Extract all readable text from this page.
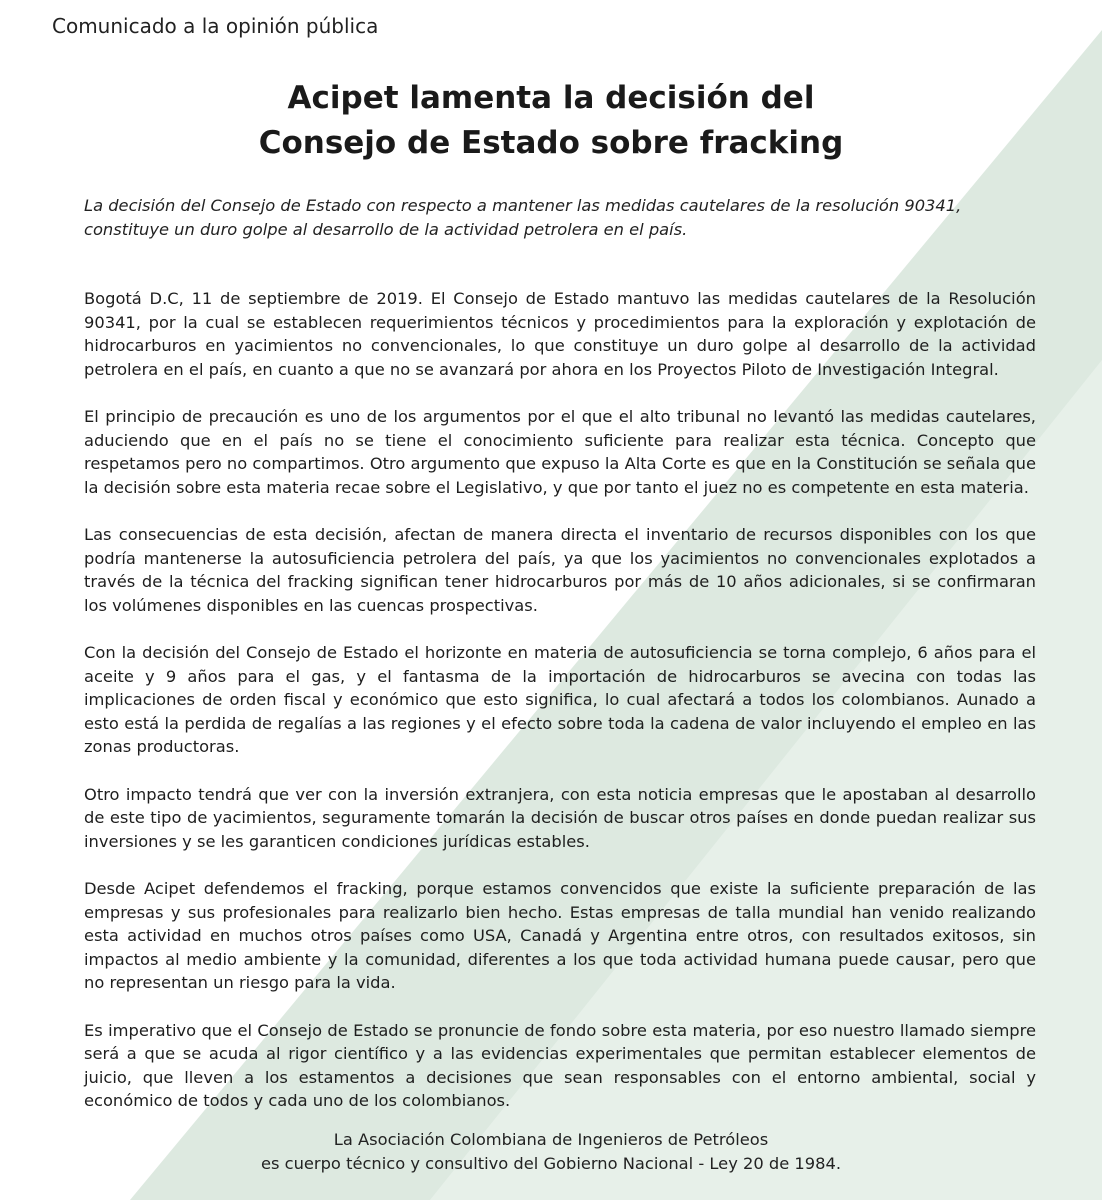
Comunicado a la opinión pública
Acipet lamenta la decisión del
Consejo de Estado sobre fracking
La decisión del Consejo de Estado con respecto a mantener las medidas cautelares de la resolución 90341, constituye un duro golpe al desarrollo de la actividad petrolera en el país.

Bogotá D.C, 11 de septiembre de 2019. El Consejo de Estado mantuvo las medidas cautelares de la Resolución 90341, por la cual se establecen requerimientos técnicos y procedimientos para la exploración y explotación de hidrocarburos en yacimientos no convencionales, lo que constituye un duro golpe al desarrollo de la actividad petrolera en el país, en cuanto a que no se avanzará por ahora en los Proyectos Piloto de Investigación Integral.

El principio de precaución es uno de los argumentos por el que el alto tribunal no levantó las medidas cautelares, aduciendo que en el país no se tiene el conocimiento suficiente para realizar esta técnica. Concepto que respetamos pero no compartimos. Otro argumento que expuso la Alta Corte es que en la Constitución se señala que la decisión sobre esta materia recae sobre el Legislativo, y que por tanto el juez no es competente en esta materia.

Las consecuencias de esta decisión, afectan de manera directa el inventario de recursos disponibles con los que podría mantenerse la autosuficiencia petrolera del país, ya que los yacimientos no convencionales explotados a través de la técnica del fracking significan tener hidrocarburos por más de 10 años adicionales, si se confirmaran los volúmenes disponibles en las cuencas prospectivas.

Con la decisión del Consejo de Estado el horizonte en materia de autosuficiencia se torna complejo, 6 años para el aceite y 9 años para el gas, y el fantasma de la importación de hidrocarburos se avecina con todas las implicaciones de orden fiscal y económico que esto significa, lo cual afectará a todos los colombianos. Aunado a esto está la perdida de regalías a las regiones y el efecto sobre toda la cadena de valor incluyendo el empleo en las zonas productoras.

Otro impacto tendrá que ver con la inversión extranjera, con esta noticia empresas que le apostaban al desarrollo de este tipo de yacimientos, seguramente tomarán la decisión de buscar otros países en donde puedan realizar sus inversiones y se les garanticen condiciones jurídicas estables.

Desde Acipet defendemos el fracking, porque estamos convencidos que existe la suficiente preparación de las empresas y sus profesionales para realizarlo bien hecho. Estas empresas de talla mundial han venido realizando esta actividad en muchos otros países como USA, Canadá y Argentina entre otros, con resultados exitosos, sin impactos al medio ambiente y la comunidad, diferentes a los que toda actividad humana puede causar, pero que no representan un riesgo para la vida.

Es imperativo que el Consejo de Estado se pronuncie de fondo sobre esta materia, por eso nuestro llamado siempre será a que se acuda al rigor científico y a las evidencias experimentales que permitan establecer elementos de juicio, que lleven a los estamentos a decisiones que sean responsables con el entorno ambiental, social y económico de todos y cada uno de los colombianos.

La Asociación Colombiana de Ingenieros de Petróleos
es cuerpo técnico y consultivo del Gobierno Nacional - Ley 20 de 1984.
